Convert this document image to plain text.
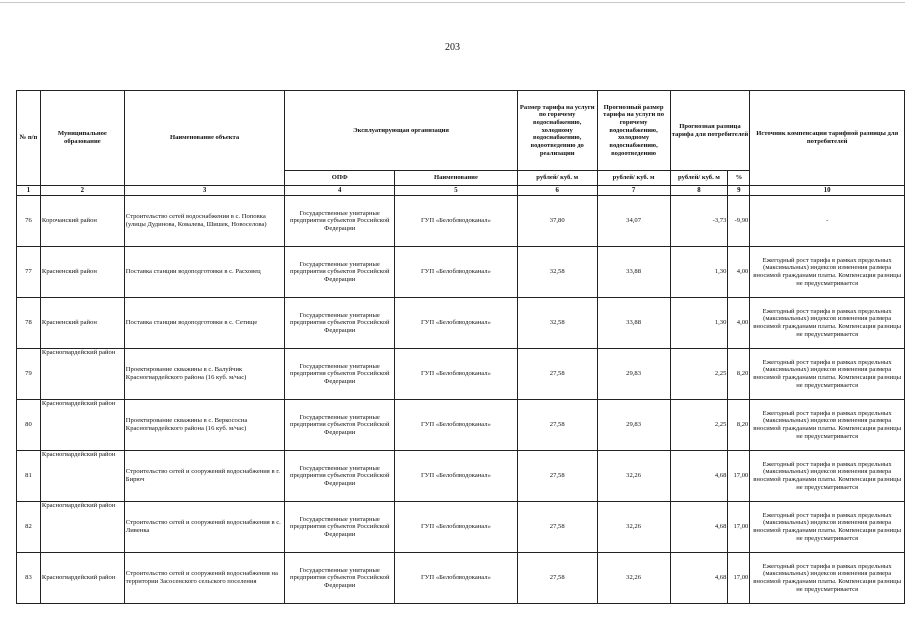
203
№ п/п	Муниципальное образование	Наименование объекта	Эксплуатирующая организация		Размер тарифа на услуги по горячему водоснабжению, холодному водоснабжению, водоотведению до реализации	Прогнозный размер тарифа на услуги по горячему водоснабжению, холодному водоснабжению, водоотведению	Прогнозная разница тарифа для потребителей		Источник компенсации тарифной разницы для потребителей
			ОПФ	Наименование	рублей/ куб. м	рублей/ куб. м	рублей/ куб. м	%	
1	2	3	4	5	6	7	8	9	10
76	Корочанский район	Строительство сетей водоснабжения в с. Поповка (улицы Дудинова, Ковалева, Шишек, Новоселова)	Государственные унитарные предприятия субъектов Российской Федерации	ГУП «Белоблводоканал»	37,80	34,07	-3,73	-9,90	-
77	Красненский район	Поставка станции водоподготовки в с. Расховец	Государственные унитарные предприятия субъектов Российской Федерации	ГУП «Белоблводоканал»	32,58	33,88	1,30	4,00	Ежегодный рост тарифа в рамках предельных (максимальных) индексов изменения размера вносимой гражданами платы. Компенсация разницы не предусматривается
78	Красненский район	Поставка станции водоподготовки в с. Сетище	Государственные унитарные предприятия субъектов Российской Федерации	ГУП «Белоблводоканал»	32,58	33,88	1,30	4,00	Ежегодный рост тарифа в рамках предельных (максимальных) индексов изменения размера вносимой гражданами платы. Компенсация разницы не предусматривается
79	Красногвардейский район	Проектирование скважины в с. Валуйчик Красногвардейского района (16 куб. м/час)	Государственные унитарные предприятия субъектов Российской Федерации	ГУП «Белоблводоканал»	27,58	29,83	2,25	8,20	Ежегодный рост тарифа в рамках предельных (максимальных) индексов изменения размера вносимой гражданами платы. Компенсация разницы не предусматривается
80	Красногвардейский район	Проектирование скважины в с. Веркососна Красногвардейского района (16 куб. м/час)	Государственные унитарные предприятия субъектов Российской Федерации	ГУП «Белоблводоканал»	27,58	29,83	2,25	8,20	Ежегодный рост тарифа в рамках предельных (максимальных) индексов изменения размера вносимой гражданами платы. Компенсация разницы не предусматривается
81	Красногвардейский район	Строительство сетей и сооружений водоснабжения в г. Бирюч	Государственные унитарные предприятия субъектов Российской Федерации	ГУП «Белоблводоканал»	27,58	32,26	4,68	17,00	Ежегодный рост тарифа в рамках предельных (максимальных) индексов изменения размера вносимой гражданами платы. Компенсация разницы не предусматривается
82	Красногвардейский район	Строительство сетей и сооружений водоснабжения в с. Ливенка	Государственные унитарные предприятия субъектов Российской Федерации	ГУП «Белоблводоканал»	27,58	32,26	4,68	17,00	Ежегодный рост тарифа в рамках предельных (максимальных) индексов изменения размера вносимой гражданами платы. Компенсация разницы не предусматривается
83	Красногвардейский район	Строительство сетей и сооружений водоснабжения на территории Засосенского сельского поселения	Государственные унитарные предприятия субъектов Российской Федерации	ГУП «Белоблводоканал»	27,58	32,26	4,68	17,00	Ежегодный рост тарифа в рамках предельных (максимальных) индексов изменения размера вносимой гражданами платы. Компенсация разницы не предусматривается
